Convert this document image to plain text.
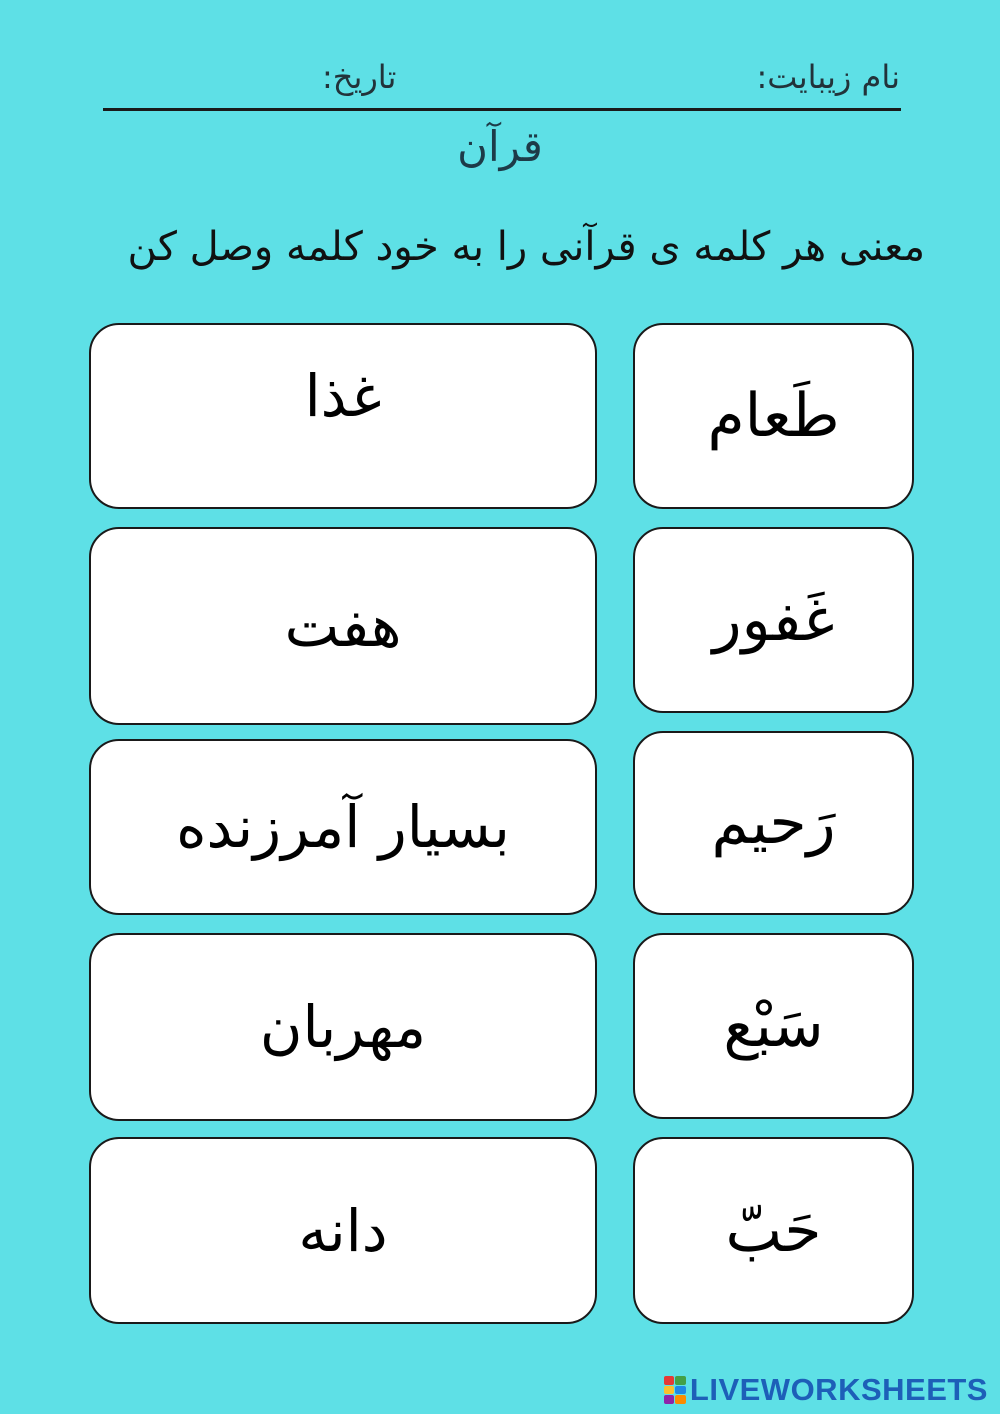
نام زیبایت:
تاریخ:
قرآن
معنی هر کلمه ی قرآنی را به خود کلمه وصل کن
غذا
هفت
بسیار آمرزنده
مهربان
دانه
طَعام
غَفور
رَحیم
سَبْع
حَبّ
LIVEWORKSHEETS
